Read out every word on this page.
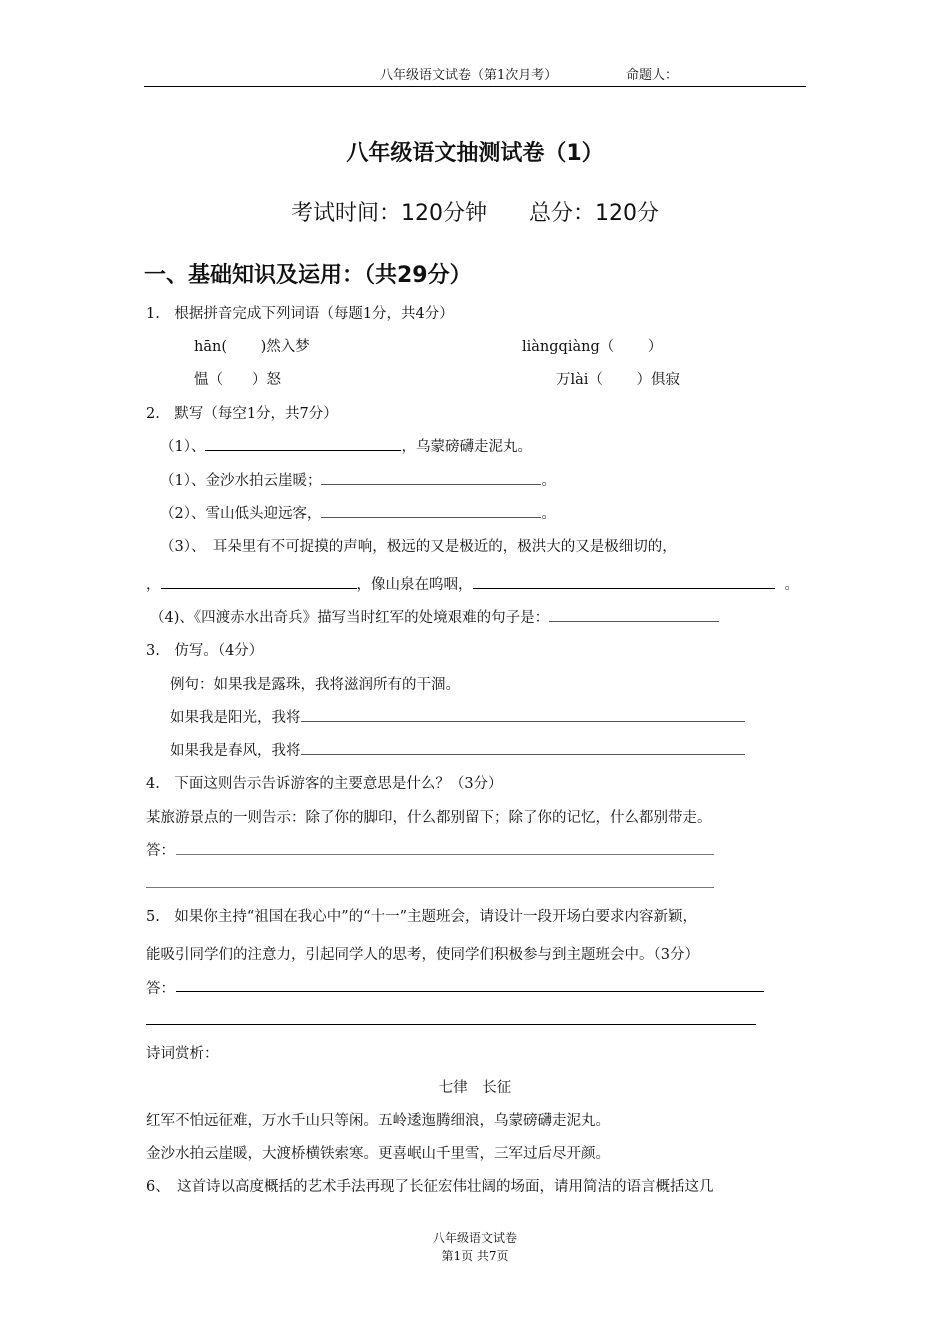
八年级语文试卷（第1次月考）	命题人：
八年级语文抽测试卷（1）
考试时间：120分钟 总分：120分
一、基础知识及运用：（共29分）
1.　根据拼音完成下列词语（每题1分，共4分）
hān(　　 )然入梦	liàngqiàng（　　 ）
愠（　　）怒	万lài（　　 ）俱寂
2.　默写（每空1分，共7分）
（1）、	，乌蒙磅礴走泥丸。
（1）、金沙水拍云崖暖；	。
（2）、雪山低头迎远客，	。
（3）、　耳朵里有不可捉摸的声响，极远的又是极近的，极洪大的又是极细切的，
，	，像山泉在呜咽，	。
（4)、《四渡赤水出奇兵》描写当时红军的处境艰难的句子是：
3.　仿写。（4分）
例句：如果我是露珠，我将滋润所有的干涸。
如果我是阳光，我将
如果我是春风，我将
4.　下面这则告示告诉游客的主要意思是什么？（3分）
某旅游景点的一则告示：除了你的脚印，什么都别留下；除了你的记忆，什么都别带走。
答：
5.　如果你主持“祖国在我心中”的“十一”主题班会，请设计一段开场白要求内容新颖，
能吸引同学们的注意力，引起同学人的思考，使同学们积极参与到主题班会中。（3分）
答：
诗词赏析：
七律　长征
红军不怕远征难，万水千山只等闲。五岭逶迤腾细浪，乌蒙磅礴走泥丸。
金沙水拍云崖暖，大渡桥横铁索寒。更喜岷山千里雪，三军过后尽开颜。
6、　这首诗以高度概括的艺术手法再现了长征宏伟壮阔的场面，请用简洁的语言概括这几
八年级语文试卷
第1页 共7页
